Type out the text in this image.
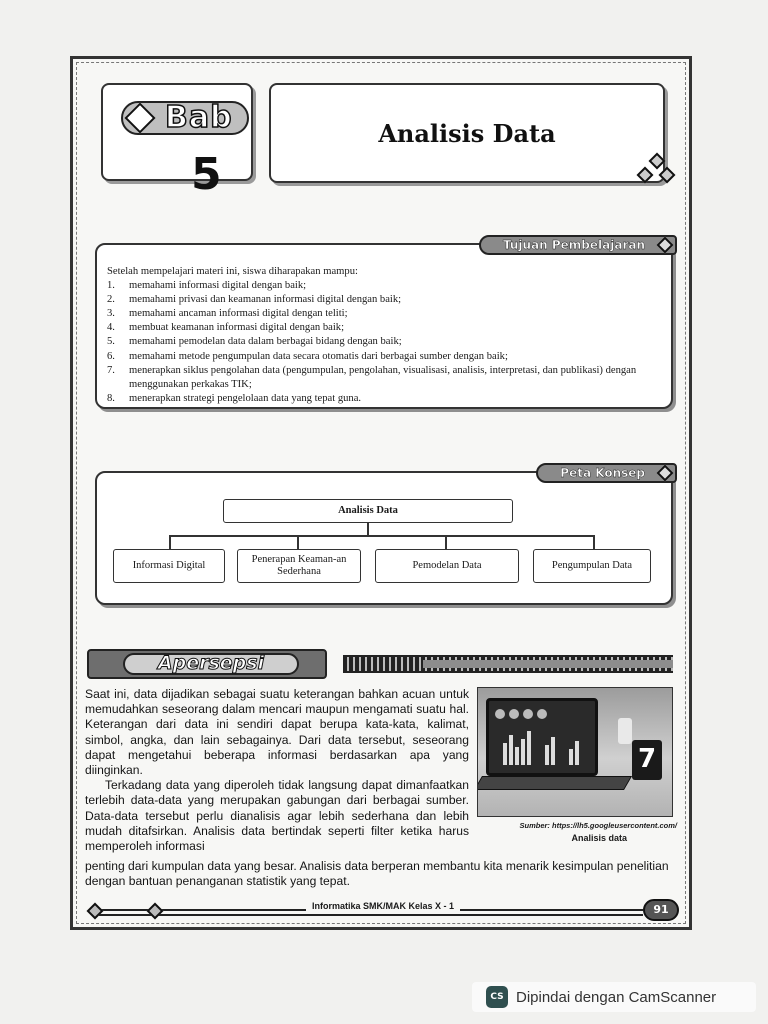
Bab
5
Analisis Data
Tujuan Pembelajaran
Setelah mempelajari materi ini, siswa diharapakan mampu:
1.	memahami informasi digital dengan baik;
2.	memahami privasi dan keamanan informasi digital dengan baik;
3.	memahami ancaman informasi digital dengan teliti;
4.	membuat keamanan informasi digital dengan baik;
5.	memahami pemodelan data dalam berbagai bidang dengan baik;
6.	memahami metode pengumpulan data secara otomatis dari berbagai sumber dengan baik;
7.	menerapkan siklus pengolahan data (pengumpulan, pengolahan, visualisasi, analisis, interpretasi, dan publikasi) dengan menggunakan perkakas TIK;
8.	menerapkan strategi pengelolaan data yang tepat guna.
Peta Konsep
Analisis Data
Informasi Digital
Penerapan Keaman-an Sederhana
Pemodelan Data	Pengumpulan Data
Apersepsi

Saat ini, data dijadikan sebagai suatu keterangan bahkan acuan untuk memudahkan seseorang dalam mencari maupun mengamati suatu hal. Keterangan dari data ini sendiri dapat berupa kata-kata, kalimat, simbol, angka, dan lain sebagainya. Dari data tersebut, seseorang dapat mengetahui beberapa informasi berdasarkan apa yang diinginkan.

Terkadang data yang diperoleh tidak langsung dapat dimanfaatkan terlebih data-data yang merupakan gabungan dari berbagai sumber. Data-data tersebut perlu dianalisis agar lebih sederhana dan lebih mudah ditafsirkan. Analisis data bertindak seperti filter ketika harus memperoleh informasi

penting dari kumpulan data yang besar. Analisis data berperan membantu kita menarik kesimpulan penelitian dengan bantuan penanganan statistik yang tepat.
7
Sumber: https://lh5.googleusercontent.com/
Analisis data
Informatika SMK/MAK Kelas X - 1	91
CS Dipindai dengan CamScanner
